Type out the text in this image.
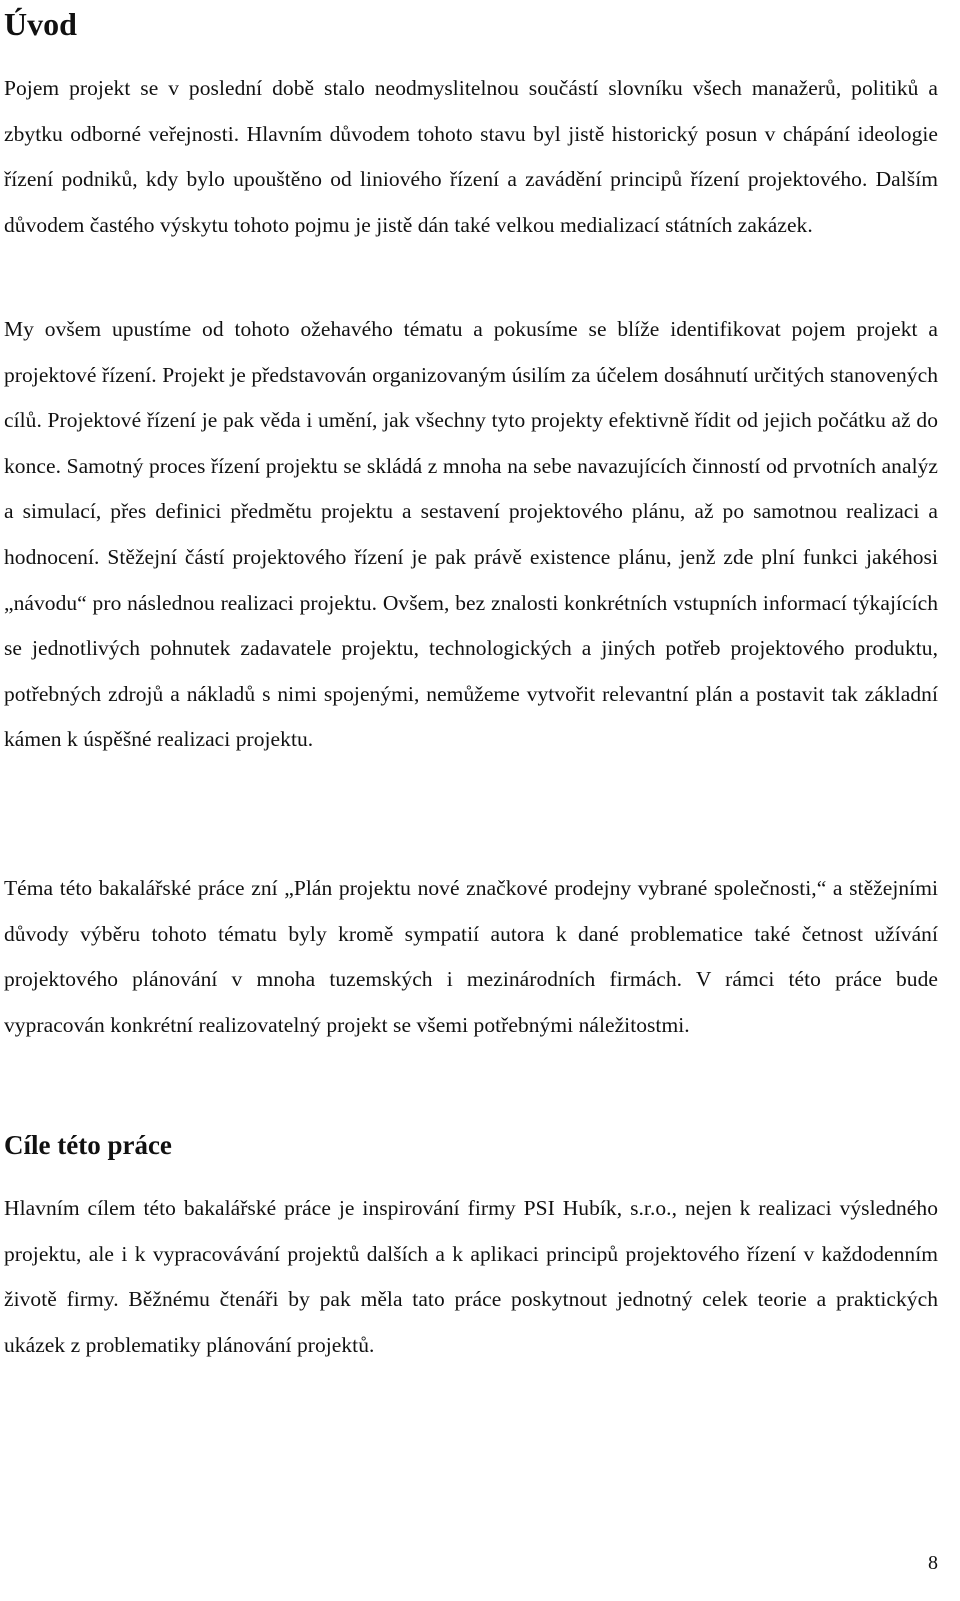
Úvod

Pojem projekt se v poslední době stalo neodmyslitelnou součástí slovníku všech manažerů, politiků a zbytku odborné veřejnosti. Hlavním důvodem tohoto stavu byl jistě historický posun v chápání ideologie řízení podniků, kdy bylo upouštěno od liniového řízení a zavádění principů řízení projektového. Dalším důvodem častého výskytu tohoto pojmu je jistě dán také velkou medializací státních zakázek.

My ovšem upustíme od tohoto ožehavého tématu a pokusíme se blíže identifikovat pojem projekt a projektové řízení. Projekt je představován organizovaným úsilím za účelem dosáhnutí určitých stanovených cílů. Projektové řízení je pak věda i umění, jak všechny tyto projekty efektivně řídit od jejich počátku až do konce. Samotný proces řízení projektu se skládá z mnoha na sebe navazujících činností od prvotních analýz a simulací, přes definici předmětu projektu a sestavení projektového plánu, až po samotnou realizaci a hodnocení. Stěžejní částí projektového řízení je pak právě existence plánu, jenž zde plní funkci jakéhosi „návodu“ pro následnou realizaci projektu. Ovšem, bez znalosti konkrétních vstupních informací týkajících se jednotlivých pohnutek zadavatele projektu, technologických a jiných potřeb projektového produktu, potřebných zdrojů a nákladů s nimi spojenými, nemůžeme vytvořit relevantní plán a postavit tak základní kámen k úspěšné realizaci projektu.

Téma této bakalářské práce zní „Plán projektu nové značkové prodejny vybrané společnosti,“ a stěžejními důvody výběru tohoto tématu byly kromě sympatií autora k dané problematice také četnost užívání projektového plánování v mnoha tuzemských i mezinárodních firmách. V rámci této práce bude vypracován konkrétní realizovatelný projekt se všemi potřebnými náležitostmi.

Cíle této práce

Hlavním cílem této bakalářské práce je inspirování firmy PSI Hubík, s.r.o., nejen k realizaci výsledného projektu, ale i k vypracovávání projektů dalších a k aplikaci principů projektového řízení v každodenním životě firmy. Běžnému čtenáři by pak měla tato práce poskytnout jednotný celek teorie a praktických ukázek z problematiky plánování projektů.

8
